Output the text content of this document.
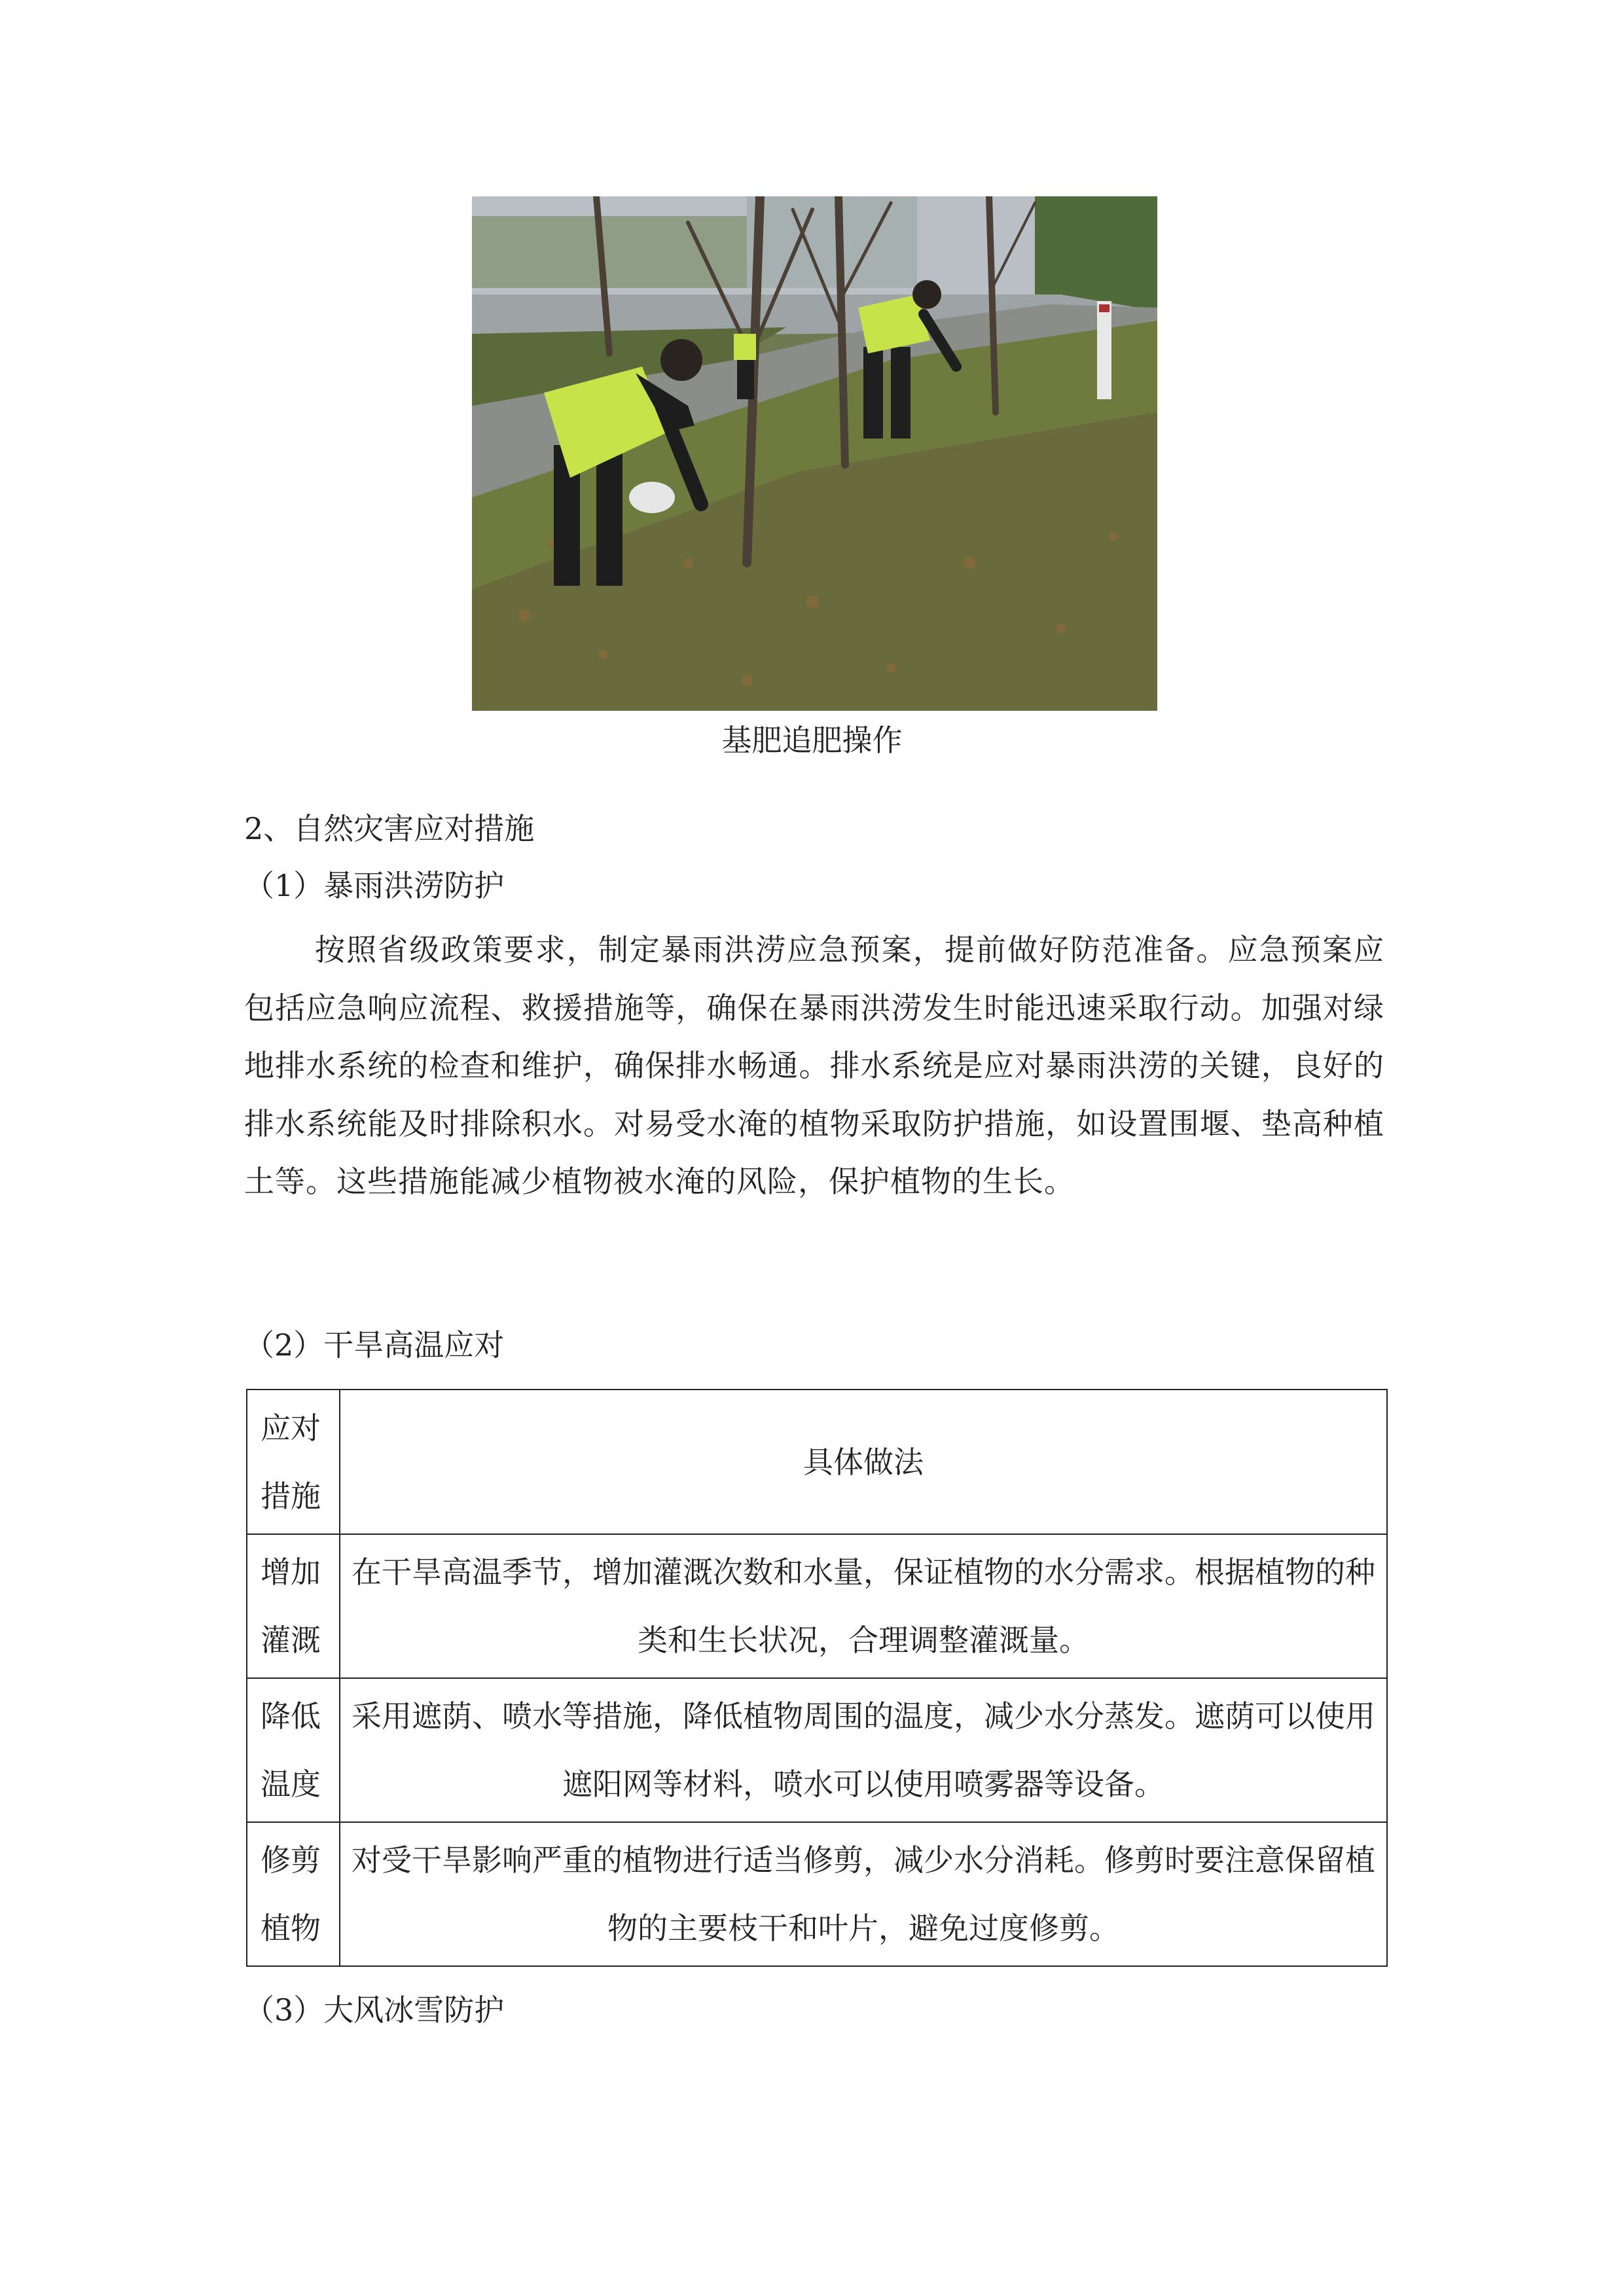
基肥追肥操作
2、自然灾害应对措施
（1）暴雨洪涝防护

按照省级政策要求，制定暴雨洪涝应急预案，提前做好防范准备。应急预案应包括应急响应流程、救援措施等，确保在暴雨洪涝发生时能迅速采取行动。加强对绿地排水系统的检查和维护，确保排水畅通。排水系统是应对暴雨洪涝的关键，良好的排水系统能及时排除积水。对易受水淹的植物采取防护措施，如设置围堰、垫高种植土等。这些措施能减少植物被水淹的风险，保护植物的生长。

（2）干旱高温应对
应对
措施	具体做法

增加
灌溉	在干旱高温季节，增加灌溉次数和水量，保证植物的水分需求。根据植物的种类和生长状况，合理调整灌溉量。

降低
温度	采用遮荫、喷水等措施，降低植物周围的温度，减少水分蒸发。遮荫可以使用遮阳网等材料，喷水可以使用喷雾器等设备。

修剪
植物	对受干旱影响严重的植物进行适当修剪，减少水分消耗。修剪时要注意保留植物的主要枝干和叶片，避免过度修剪。
（3）大风冰雪防护
